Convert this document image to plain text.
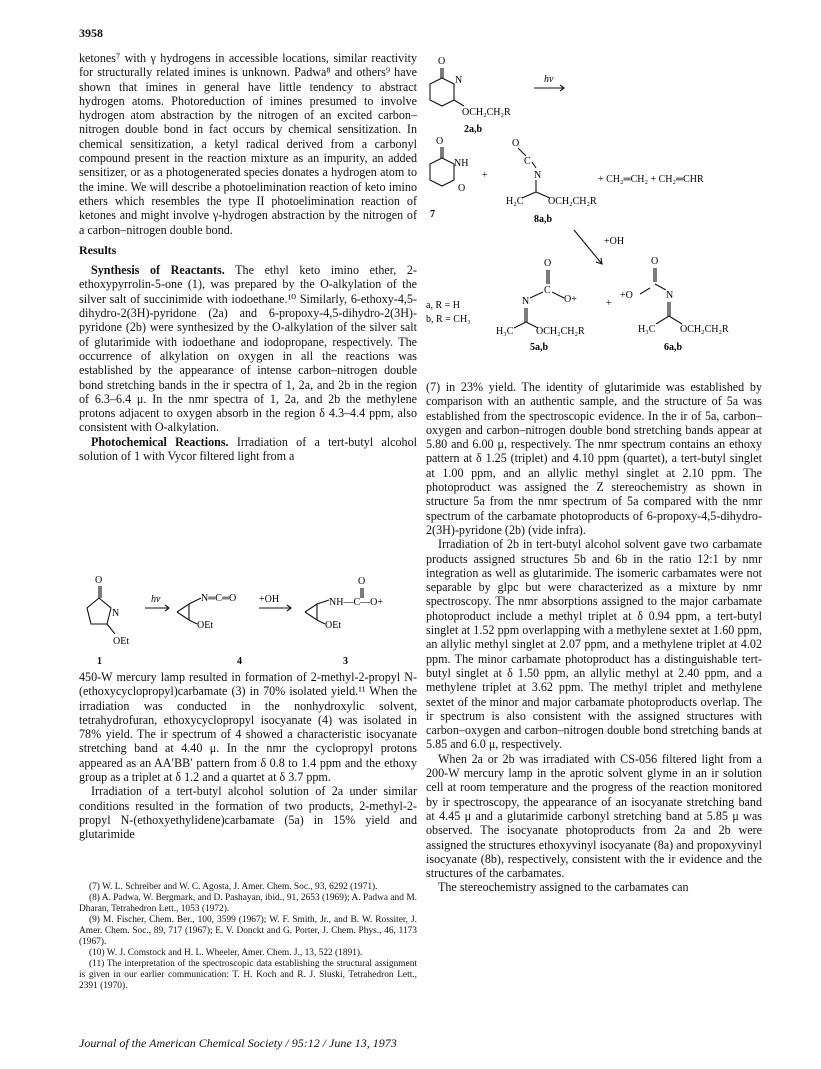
3958

ketones⁷ with γ hydrogens in accessible locations, similar reactivity for structurally related imines is unknown. Padwa⁸ and others⁹ have shown that imines in general have little tendency to abstract hydrogen atoms. Photoreduction of imines presumed to involve hydrogen atom abstraction by the nitrogen of an excited carbon–nitrogen double bond in fact occurs by chemical sensitization. In chemical sensitization, a ketyl radical derived from a carbonyl compound present in the reaction mixture as an impurity, an added sensitizer, or as a photogenerated species donates a hydrogen atom to the imine. We will describe a photoelimination reaction of keto imino ethers which resembles the type II photoelimination reaction of ketones and might involve γ-hydrogen abstraction by the nitrogen of a carbon–nitrogen double bond.

Results

Synthesis of Reactants. The ethyl keto imino ether, 2-ethoxypyrrolin-5-one (1), was prepared by the O-alkylation of the silver salt of succinimide with iodoethane.¹⁰ Similarly, 6-ethoxy-4,5-dihydro-2(3H)-pyridone (2a) and 6-propoxy-4,5-dihydro-2(3H)-pyridone (2b) were synthesized by the O-alkylation of the silver salt of glutarimide with iodoethane and iodopropane, respectively. The occurrence of alkylation on oxygen in all the reactions was established by the appearance of intense carbon–nitrogen double bond stretching bands in the ir spectra of 1, 2a, and 2b in the region of 6.3–6.4 μ. In the nmr spectra of 1, 2a, and 2b the methylene protons adjacent to oxygen absorb in the region δ 4.3–4.4 ppm, also consistent with O-alkylation.

Photochemical Reactions. Irradiation of a tert-butyl alcohol solution of 1 with Vycor filtered light from a

O
N
OEt
1
hν	N═C═O
OEt
4
+OH
O
NH—C—O+
OEt
3

450-W mercury lamp resulted in formation of 2-methyl-2-propyl N-(ethoxycyclopropyl)carbamate (3) in 70% isolated yield.¹¹ When the irradiation was conducted in the nonhydroxylic solvent, tetrahydrofuran, ethoxycyclopropyl isocyanate (4) was isolated in 78% yield. The ir spectrum of 4 showed a characteristic isocyanate stretching band at 4.40 μ. In the nmr the cyclopropyl protons appeared as an AA′BB′ pattern from δ 0.8 to 1.4 ppm and the ethoxy group as a triplet at δ 1.2 and a quartet at δ 3.7 ppm.

Irradiation of a tert-butyl alcohol solution of 2a under similar conditions resulted in the formation of two products, 2-methyl-2-propyl N-(ethoxyethylidene)carbamate (5a) in 15% yield and glutarimide

(7) W. L. Schreiber and W. C. Agosta, J. Amer. Chem. Soc., 93, 6292 (1971).

(8) A. Padwa, W. Bergmark, and D. Pashayan, ibid., 91, 2653 (1969); A. Padwa and M. Dharan, Tetrahedron Lett., 1053 (1972).

(9) M. Fischer, Chem. Ber., 100, 3599 (1967); W. F. Smith, Jr., and B. W. Rossiter, J. Amer. Chem. Soc., 89, 717 (1967); E. V. Donckt and G. Porter, J. Chem. Phys., 46, 1173 (1967).

(10) W. J. Comstock and H. L. Wheeler, Amer. Chem. J., 13, 522 (1891).

(11) The interpretation of the spectroscopic data establishing the structural assignment is given in our earlier communication: T. H. Koch and R. J. Sluski, Tetrahedron Lett., 2391 (1970).

O
N
OCH₂CH₂R
2a,b
hν
O
NH
O
7
+
O
C
N
H₂C OCH₂CH₂R
8a,b
+ CH₂═CH₂ + CH₂═CHR
+OH
a, R = H
b, R = CH₃
O
C
O+
N
H₃C OCH₂CH₂R
5a,b
+
+O
O
N
H₃C OCH₂CH₂R
6a,b

(7) in 23% yield. The identity of glutarimide was established by comparison with an authentic sample, and the structure of 5a was established from the spectroscopic evidence. In the ir of 5a, carbon–oxygen and carbon–nitrogen double bond stretching bands appear at 5.80 and 6.00 μ, respectively. The nmr spectrum contains an ethoxy pattern at δ 1.25 (triplet) and 4.10 ppm (quartet), a tert-butyl singlet at 1.00 ppm, and an allylic methyl singlet at 2.10 ppm. The photoproduct was assigned the Z stereochemistry as shown in structure 5a from the nmr spectrum of 5a compared with the nmr spectrum of the carbamate photoproducts of 6-propoxy-4,5-dihydro-2(3H)-pyridone (2b) (vide infra).

Irradiation of 2b in tert-butyl alcohol solvent gave two carbamate products assigned structures 5b and 6b in the ratio 12:1 by nmr integration as well as glutarimide. The isomeric carbamates were not separable by glpc but were characterized as a mixture by nmr spectroscopy. The nmr absorptions assigned to the major carbamate photoproduct include a methyl triplet at δ 0.94 ppm, a tert-butyl singlet at 1.52 ppm overlapping with a methylene sextet at 1.60 ppm, an allylic methyl singlet at 2.07 ppm, and a methylene triplet at 4.02 ppm. The minor carbamate photoproduct has a distinguishable tert-butyl singlet at δ 1.50 ppm, an allylic methyl at 2.40 ppm, and a methylene triplet at 3.62 ppm. The methyl triplet and methylene sextet of the minor and major carbamate photoproducts overlap. The ir spectrum is also consistent with the assigned structures with carbon–oxygen and carbon–nitrogen double bond stretching bands at 5.85 and 6.0 μ, respectively.

When 2a or 2b was irradiated with CS-056 filtered light from a 200-W mercury lamp in the aprotic solvent glyme in an ir solution cell at room temperature and the progress of the reaction monitored by ir spectroscopy, the appearance of an isocyanate stretching band at 4.45 μ and a glutarimide carbonyl stretching band at 5.85 μ was observed. The isocyanate photoproducts from 2a and 2b were assigned the structures ethoxyvinyl isocyanate (8a) and propoxyvinyl isocyanate (8b), respectively, consistent with the ir evidence and the structures of the carbamates.

The stereochemistry assigned to the carbamates can

Journal of the American Chemical Society / 95:12 / June 13, 1973
